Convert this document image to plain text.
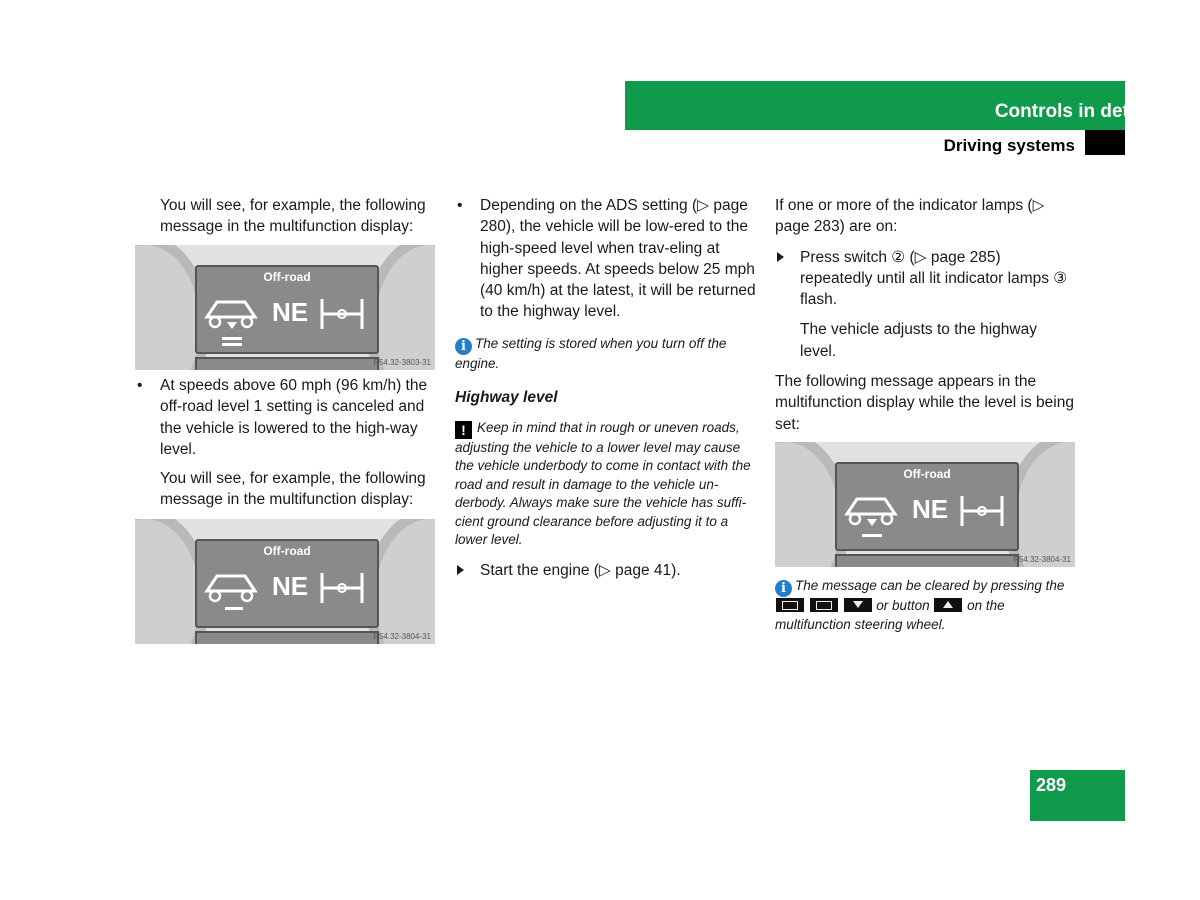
Controls in detail
Driving systems

You will see, for example, the following message in the multifunction display:

Off-road
NE
P54.32-3803-31

• At speeds above 60 mph (96 km/h) the off-road level 1 setting is canceled and the vehicle is lowered to the high-way level.

You will see, for example, the following message in the multifunction display:

Off-road
NE
P54.32-3804-31

• Depending on the ADS setting (▷ page 280), the vehicle will be low-ered to the high-speed level when trav-eling at higher speeds. At speeds below 25 mph (40 km/h) at the latest, it will be returned to the highway level.

i The setting is stored when you turn off the engine.

Highway level

! Keep in mind that in rough or uneven roads, adjusting the vehicle to a lower level may cause the vehicle underbody to come in contact with the road and result in damage to the vehicle un-derbody. Always make sure the vehicle has suffi-cient ground clearance before adjusting it to a lower level.

Start the engine (▷ page 41).

If one or more of the indicator lamps (▷ page 283) are on:

Press switch ② (▷ page 285) repeatedly until all lit indicator lamps ③ flash.

The vehicle adjusts to the highway level.

The following message appears in the multifunction display while the level is being set:

Off-road
NE
P54.32-3804-31

i The message can be cleared by pressing the    or button	on the multifunction steering wheel.

289
